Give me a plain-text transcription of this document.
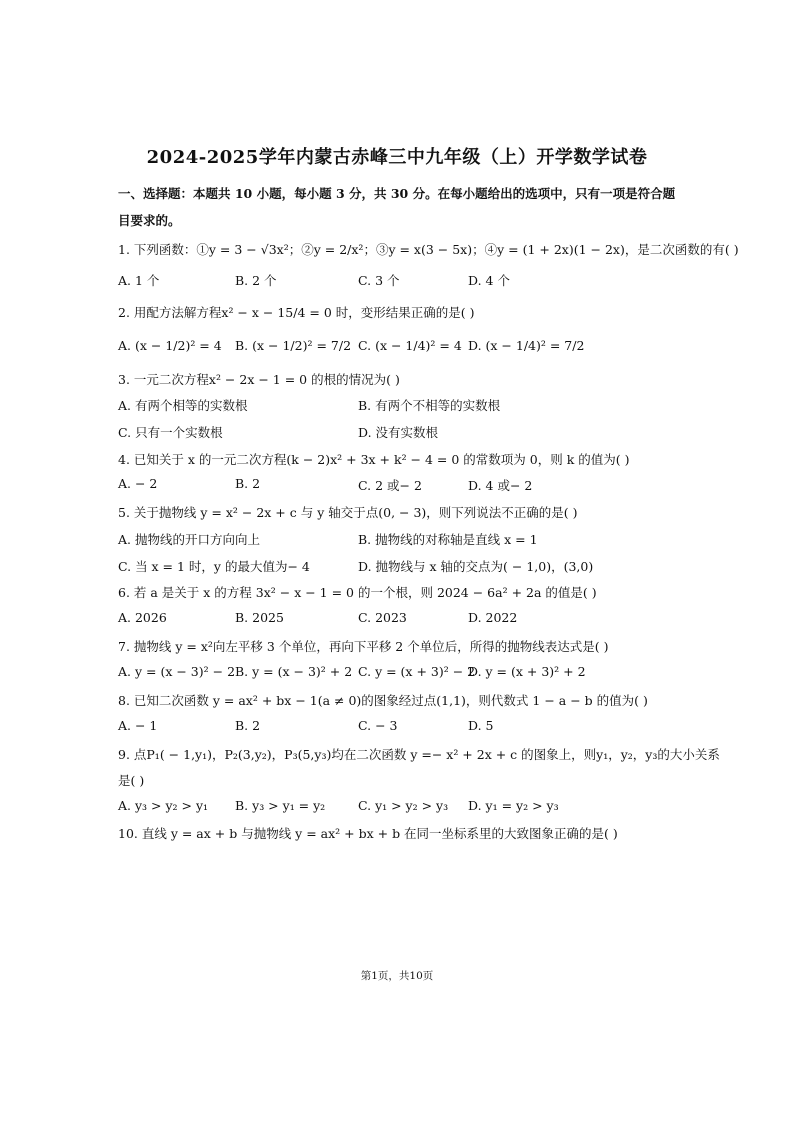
2024-2025学年内蒙古赤峰三中九年级（上）开学数学试卷
一、选择题：本题共 10 小题，每小题 3 分，共 30 分。在每小题给出的选项中，只有一项是符合题目要求的。
1. 下列函数：①y = 3 − √3x²；②y = 2/x²；③y = x(3 − 5x)；④y = (1 + 2x)(1 − 2x)，是二次函数的有( )
A. 1 个	B. 2 个	C. 3 个	D. 4 个
2. 用配方法解方程x² − x − 15/4 = 0 时，变形结果正确的是( )
A. (x − 1/2)² = 4 B. (x − 1/2)² = 7/2 C. (x − 1/4)² = 4 D. (x − 1/4)² = 7/2
3. 一元二次方程x² − 2x − 1 = 0 的根的情况为( )
A. 有两个相等的实数根	B. 有两个不相等的实数根
C. 只有一个实数根	D. 没有实数根
4. 已知关于 x 的一元二次方程(k − 2)x² + 3x + k² − 4 = 0 的常数项为 0，则 k 的值为( )
A. − 2	B. 2	C. 2 或− 2	D. 4 或− 2
5. 关于抛物线 y = x² − 2x + c 与 y 轴交于点(0, − 3)，则下列说法不正确的是( )
A. 抛物线的开口方向向上	B. 抛物线的对称轴是直线 x = 1
C. 当 x = 1 时，y 的最大值为− 4	D. 抛物线与 x 轴的交点为( − 1,0)，(3,0)
6. 若 a 是关于 x 的方程 3x² − x − 1 = 0 的一个根，则 2024 − 6a² + 2a 的值是( )
A. 2026	B. 2025	C. 2023	D. 2022
7. 抛物线 y = x²向左平移 3 个单位，再向下平移 2 个单位后，所得的抛物线表达式是( )
A. y = (x − 3)² − 2 B. y = (x − 3)² + 2 C. y = (x + 3)² − 2
D. y = (x + 3)² + 2
8. 已知二次函数 y = ax² + bx − 1(a ≠ 0)的图象经过点(1,1)，则代数式 1 − a − b 的值为( )
A. − 1	B. 2	C. − 3	D. 5
9. 点P₁( − 1,y₁)，P₂(3,y₂)，P₃(5,y₃)均在二次函数 y =− x² + 2x + c 的图象上，则y₁，y₂，y₃的大小关系
是( )
A. y₃ > y₂ > y₁ B. y₃ > y₁ = y₂	C. y₁ > y₂ > y₃ D. y₁ = y₂ > y₃
10. 直线 y = ax + b 与抛物线 y = ax² + bx + b 在同一坐标系里的大致图象正确的是( )
第1页，共10页
